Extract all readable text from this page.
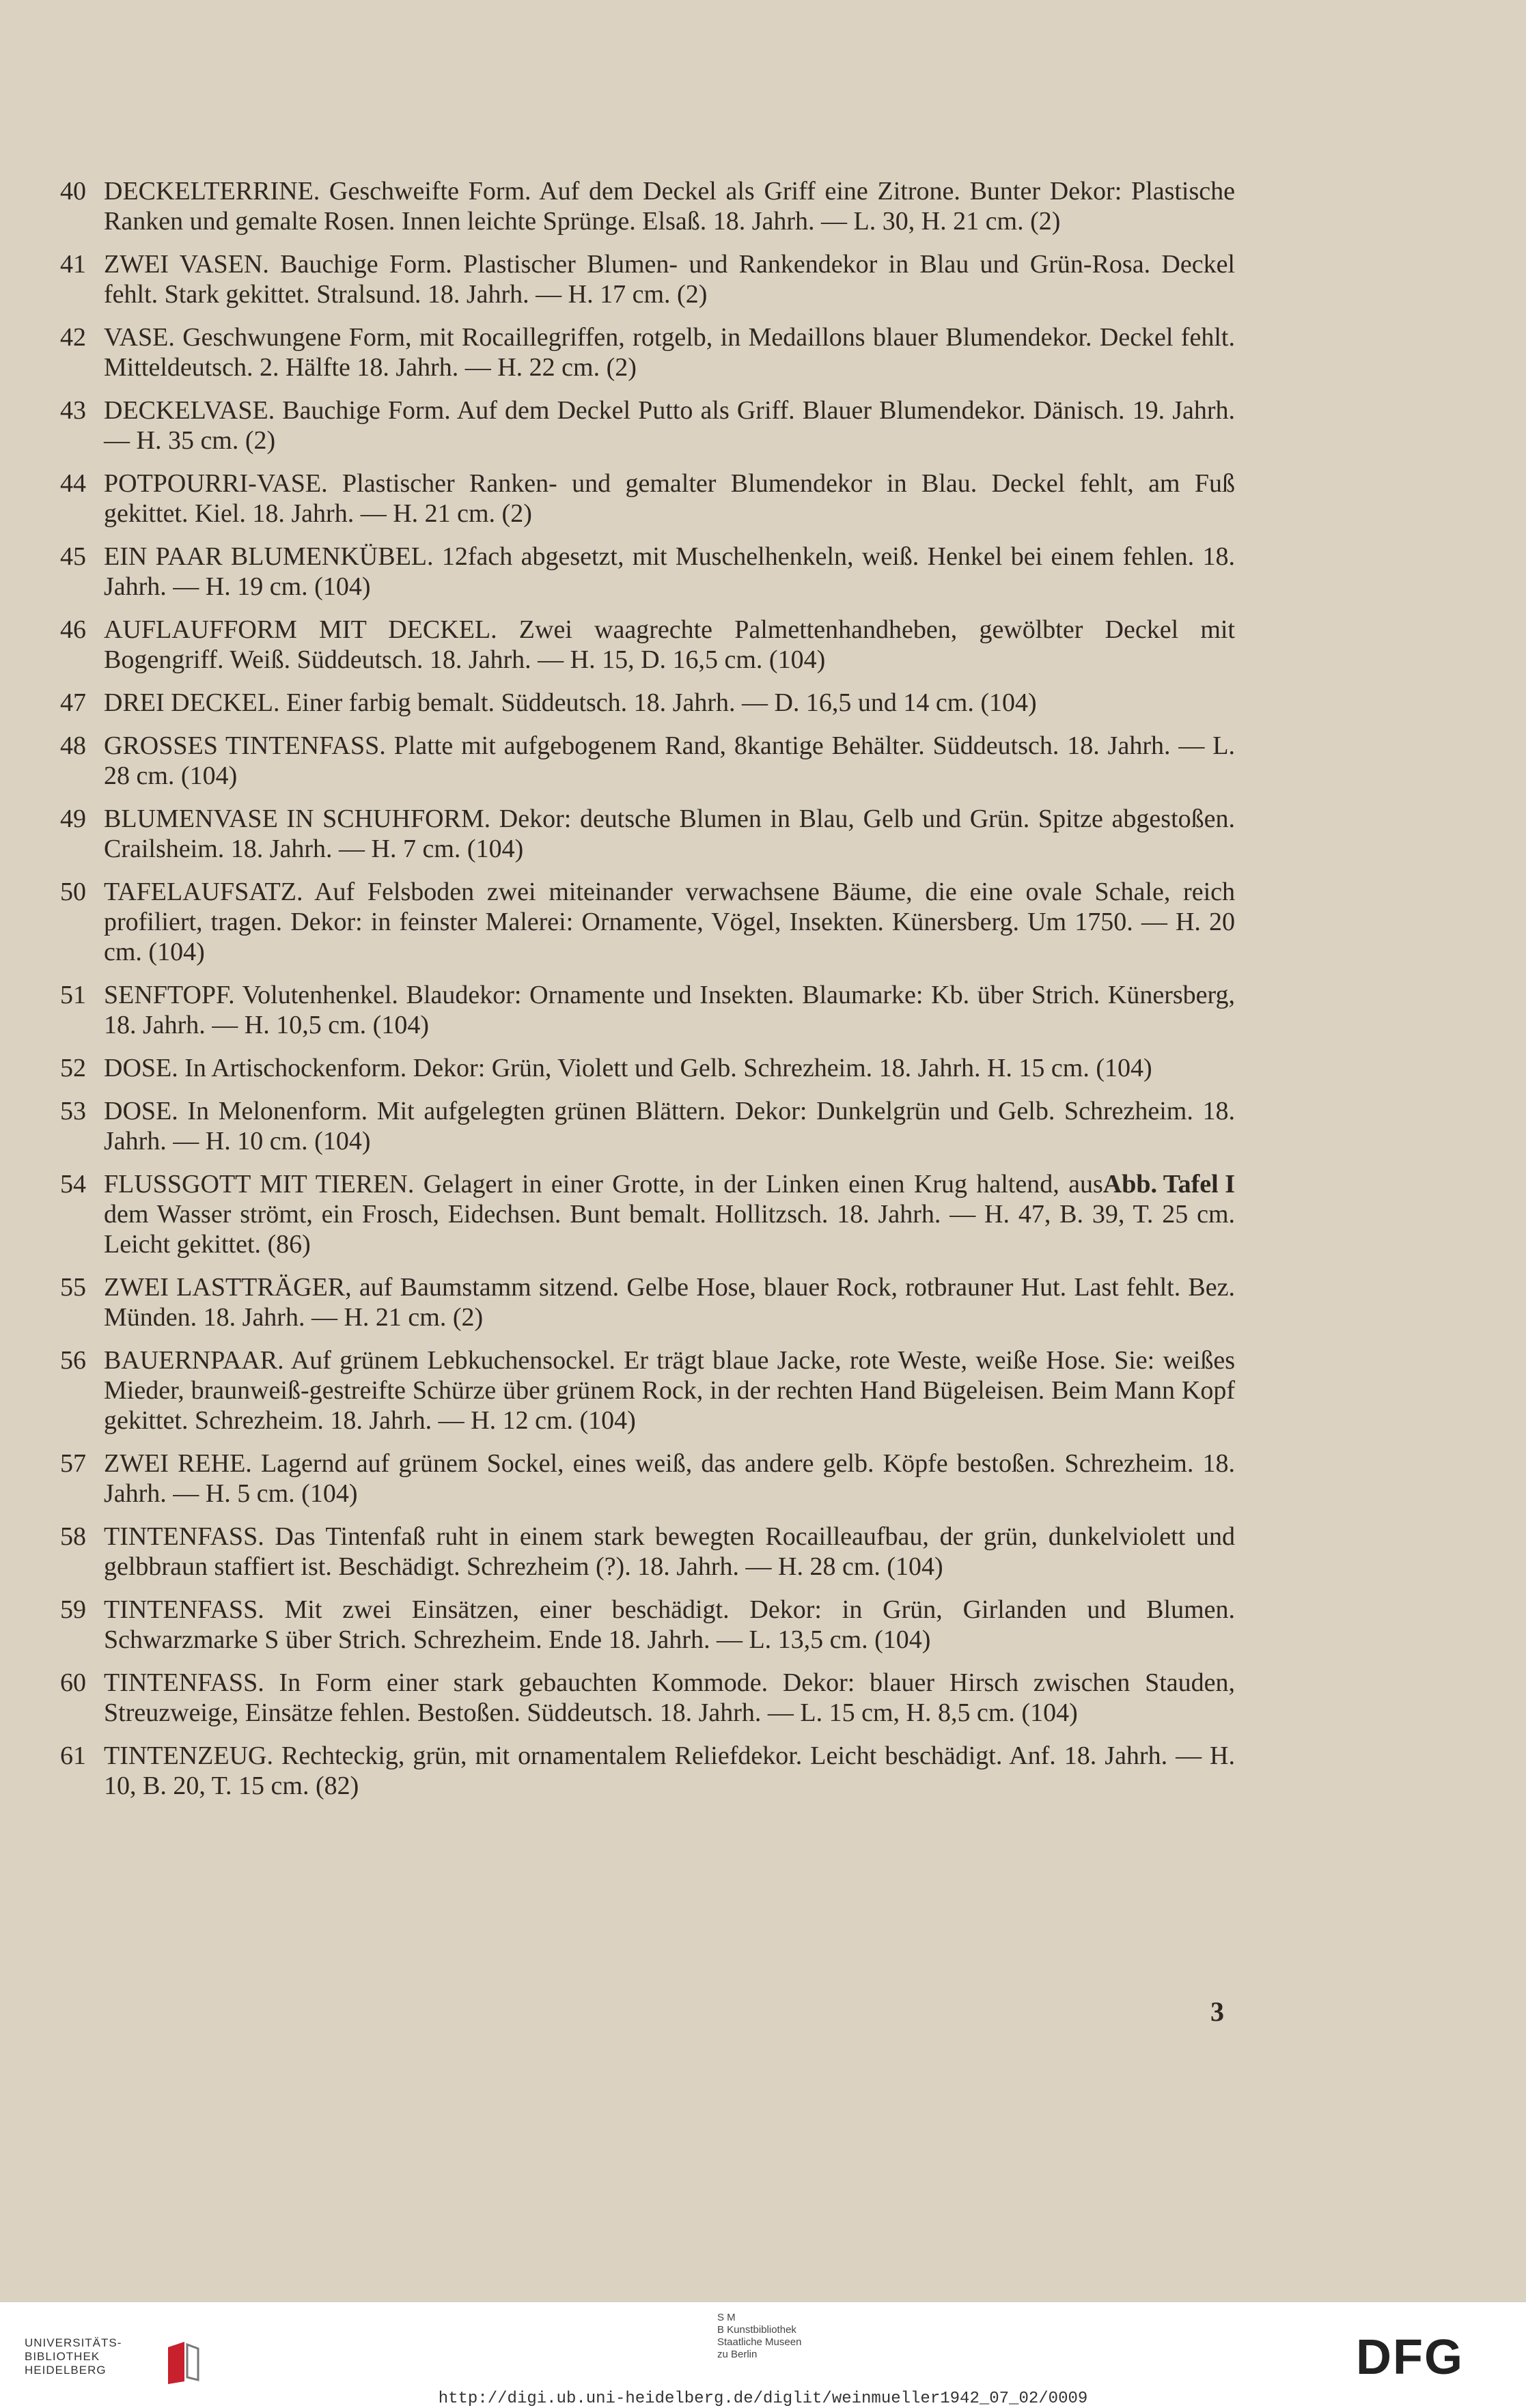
40 DECKELTERRINE. Geschweifte Form. Auf dem Deckel als Griff eine Zitrone. Bunter Dekor: Plastische Ranken und gemalte Rosen. Innen leichte Sprünge. Elsaß. 18. Jahrh. — L. 30, H. 21 cm. (2)
41 ZWEI VASEN. Bauchige Form. Plastischer Blumen- und Rankendekor in Blau und Grün-Rosa. Deckel fehlt. Stark gekittet. Stralsund. 18. Jahrh. — H. 17 cm. (2)
42 VASE. Geschwungene Form, mit Rocaillegriffen, rotgelb, in Medaillons blauer Blumendekor. Deckel fehlt. Mitteldeutsch. 2. Hälfte 18. Jahrh. — H. 22 cm. (2)
43 DECKELVASE. Bauchige Form. Auf dem Deckel Putto als Griff. Blauer Blumendekor. Dänisch. 19. Jahrh. — H. 35 cm. (2)
44 POTPOURRI-VASE. Plastischer Ranken- und gemalter Blumendekor in Blau. Deckel fehlt, am Fuß gekittet. Kiel. 18. Jahrh. — H. 21 cm. (2)
45 EIN PAAR BLUMENKÜBEL. 12fach abgesetzt, mit Muschelhenkeln, weiß. Henkel bei einem fehlen. 18. Jahrh. — H. 19 cm. (104)
46 AUFLAUFFORM MIT DECKEL. Zwei waagrechte Palmettenhandheben, gewölbter Deckel mit Bogengriff. Weiß. Süddeutsch. 18. Jahrh. — H. 15, D. 16,5 cm. (104)
47 DREI DECKEL. Einer farbig bemalt. Süddeutsch. 18. Jahrh. — D. 16,5 und 14 cm. (104)
48 GROSSES TINTENFASS. Platte mit aufgebogenem Rand, 8kantige Behälter. Süddeutsch. 18. Jahrh. — L. 28 cm. (104)
49 BLUMENVASE IN SCHUHFORM. Dekor: deutsche Blumen in Blau, Gelb und Grün. Spitze abgestoßen. Crailsheim. 18. Jahrh. — H. 7 cm. (104)
50 TAFELAUFSATZ. Auf Felsboden zwei miteinander verwachsene Bäume, die eine ovale Schale, reich profiliert, tragen. Dekor: in feinster Malerei: Ornamente, Vögel, Insekten. Künersberg. Um 1750. — H. 20 cm. (104)
51 SENFTOPF. Volutenhenkel. Blaudekor: Ornamente und Insekten. Blaumarke: Kb. über Strich. Künersberg, 18. Jahrh. — H. 10,5 cm. (104)
52 DOSE. In Artischockenform. Dekor: Grün, Violett und Gelb. Schrezheim. 18. Jahrh. H. 15 cm. (104)
53 DOSE. In Melonenform. Mit aufgelegten grünen Blättern. Dekor: Dunkelgrün und Gelb. Schrezheim. 18. Jahrh. — H. 10 cm. (104)
54	Abb. Tafel I
FLUSSGOTT MIT TIEREN. Gelagert in einer Grotte, in der Linken einen Krug haltend, aus dem Wasser strömt, ein Frosch, Eidechsen. Bunt bemalt. Hollitzsch. 18. Jahrh. — H. 47, B. 39, T. 25 cm. Leicht gekittet. (86)
55 ZWEI LASTTRÄGER, auf Baumstamm sitzend. Gelbe Hose, blauer Rock, rotbrauner Hut. Last fehlt. Bez. Münden. 18. Jahrh. — H. 21 cm. (2)
56 BAUERNPAAR. Auf grünem Lebkuchensockel. Er trägt blaue Jacke, rote Weste, weiße Hose. Sie: weißes Mieder, braunweiß-gestreifte Schürze über grünem Rock, in der rechten Hand Bügeleisen. Beim Mann Kopf gekittet. Schrezheim. 18. Jahrh. — H. 12 cm. (104)
57 ZWEI REHE. Lagernd auf grünem Sockel, eines weiß, das andere gelb. Köpfe bestoßen. Schrezheim. 18. Jahrh. — H. 5 cm. (104)
58 TINTENFASS. Das Tintenfaß ruht in einem stark bewegten Rocailleaufbau, der grün, dunkelviolett und gelbbraun staffiert ist. Beschädigt. Schrezheim (?). 18. Jahrh. — H. 28 cm. (104)
59 TINTENFASS. Mit zwei Einsätzen, einer beschädigt. Dekor: in Grün, Girlanden und Blumen. Schwarzmarke S über Strich. Schrezheim. Ende 18. Jahrh. — L. 13,5 cm. (104)
60 TINTENFASS. In Form einer stark gebauchten Kommode. Dekor: blauer Hirsch zwischen Stauden, Streuzweige, Einsätze fehlen. Bestoßen. Süddeutsch. 18. Jahrh. — L. 15 cm, H. 8,5 cm. (104)
61 TINTENZEUG. Rechteckig, grün, mit ornamentalem Reliefdekor. Leicht beschädigt. Anf. 18. Jahrh. — H. 10, B. 20, T. 15 cm. (82)
3
UNIVERSITÄTS-
BIBLIOTHEK
HEIDELBERG
S M
B Kunstbibliothek
Staatliche Museen
zu Berlin	DFG
http://digi.ub.uni-heidelberg.de/diglit/weinmueller1942_07_02/0009
